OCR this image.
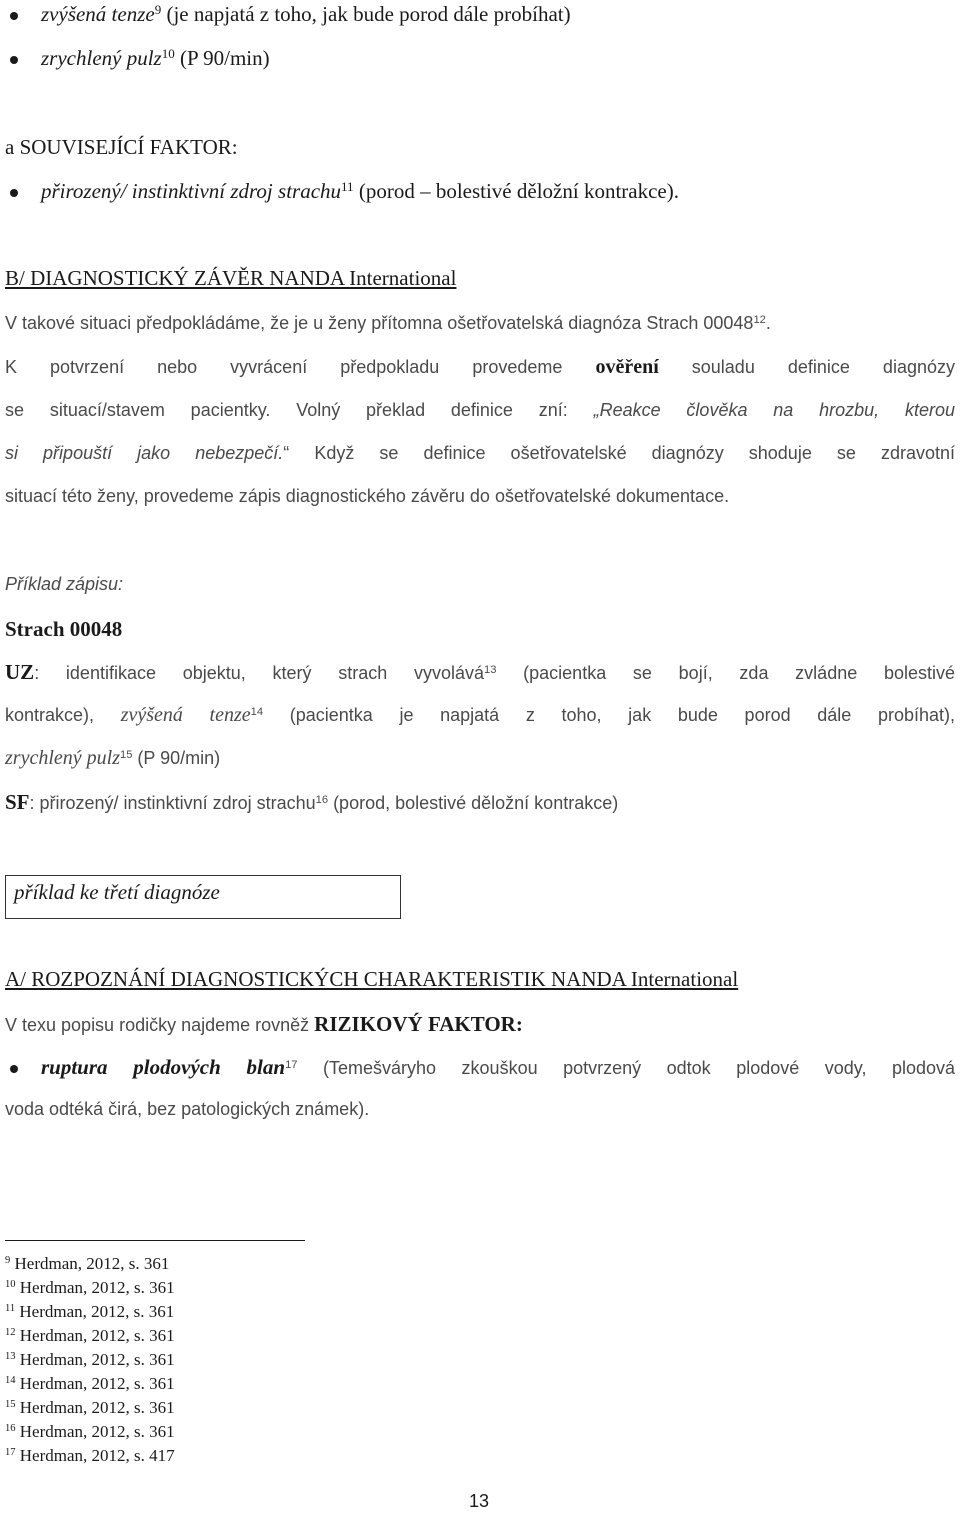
zvýšená tenze$^9$ (je napjatá z toho, jak bude porod dále probíhat)
zrychlený pulz$^{10}$ (P 90/min)
a SOUVISEJÍCÍ FAKTOR:
přirozený/ instinktivní zdroj strachu$^{11}$ (porod – bolestivé děložní kontrakce).
B/ DIAGNOSTICKÝ ZÁVĚR NANDA International
V takové situaci předpokládáme, že je u ženy přítomna ošetřovatelská diagnóza Strach 00048$^{12}$.
K potvrzení nebo vyvrácení předpokladu provedeme ověření souladu definice diagnózy
se situací/stavem pacientky. Volný překlad definice zní: „Reakce člověka na hrozbu, kterou
si připouští jako nebezpečí.“ Když se definice ošetřovatelské diagnózy shoduje se zdravotní
situací této ženy, provedeme zápis diagnostického závěru do ošetřovatelské dokumentace.
Příklad zápisu:
Strach 00048
UZ: identifikace objektu, který strach vyvolává$^{13}$ (pacientka se bojí, zda zvládne bolestivé
kontrakce), zvýšená tenze$^{14}$ (pacientka je napjatá z toho, jak bude porod dále probíhat),
zrychlený pulz$^{15}$ (P 90/min)
SF: přirozený/ instinktivní zdroj strachu$^{16}$ (porod, bolestivé děložní kontrakce)
příklad ke třetí diagnóze
A/ ROZPOZNÁNÍ DIAGNOSTICKÝCH CHARAKTERISTIK NANDA International
V texu popisu rodičky najdeme rovněž RIZIKOVÝ FAKTOR:
ruptura plodových blan$^{17}$ (Temešváryho zkouškou potvrzený odtok plodové vody, plodová
voda odtéká čirá, bez patologických známek).
$^9$ Herdman, 2012, s. 361
$^{10}$ Herdman, 2012, s. 361
$^{11}$ Herdman, 2012, s. 361
$^{12}$ Herdman, 2012, s. 361
$^{13}$ Herdman, 2012, s. 361
$^{14}$ Herdman, 2012, s. 361
$^{15}$ Herdman, 2012, s. 361
$^{16}$ Herdman, 2012, s. 361
$^{17}$ Herdman, 2012, s. 417
13
